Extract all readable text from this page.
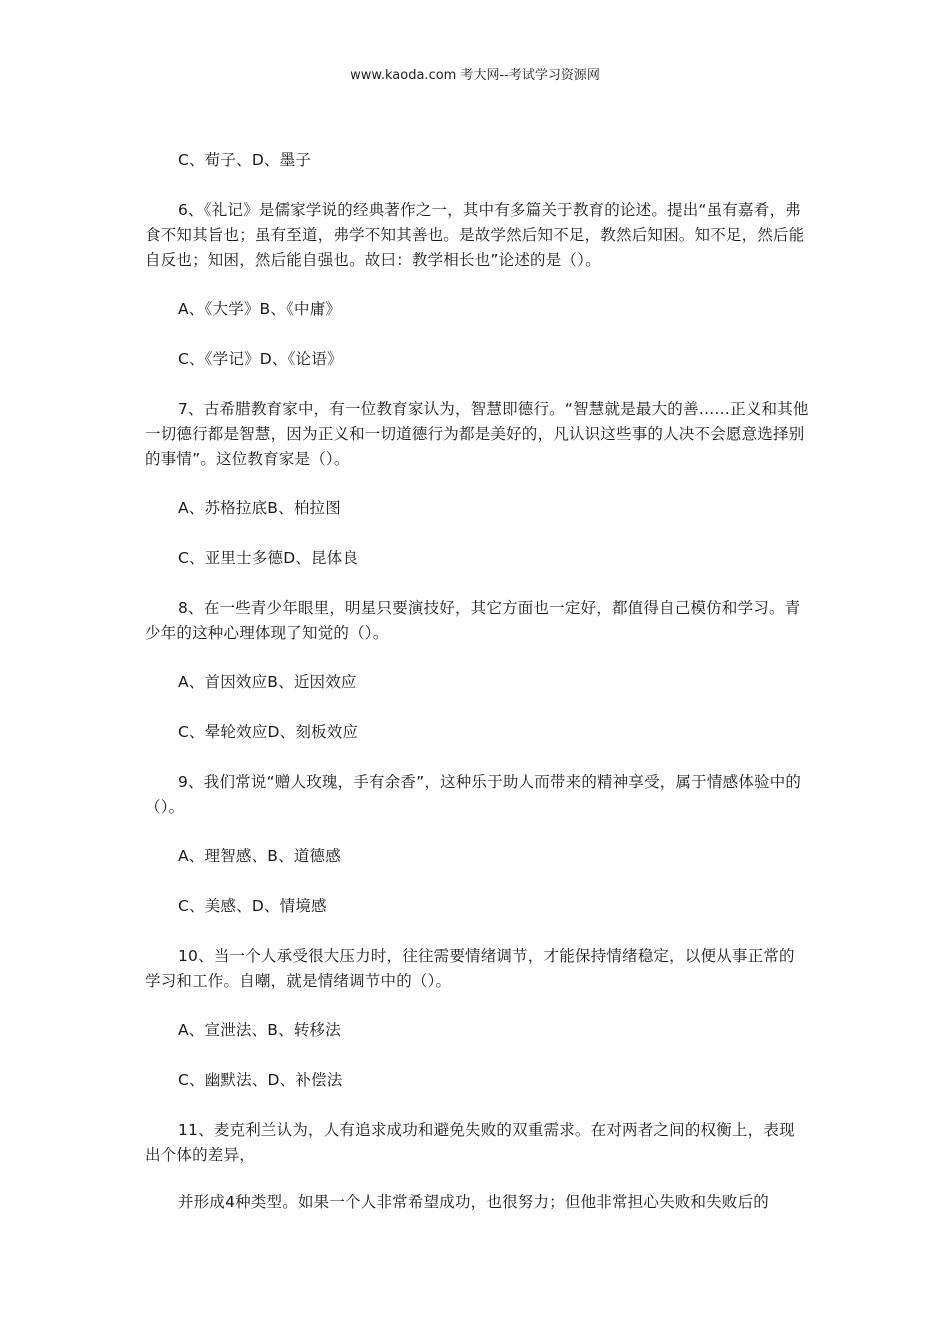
www.kaoda.com 考大网--考试学习资源网

C、荀子、D、墨子

6、《礼记》是儒家学说的经典著作之一，其中有多篇关于教育的论述。提出“虽有嘉肴，弗食不知其旨也；虽有至道，弗学不知其善也。是故学然后知不足，教然后知困。知不足，然后能自反也；知困，然后能自强也。故曰：教学相长也”论述的是（）。

A、《大学》B、《中庸》

C、《学记》D、《论语》

7、古希腊教育家中，有一位教育家认为，智慧即德行。“智慧就是最大的善……正义和其他一切德行都是智慧，因为正义和一切道德行为都是美好的，凡认识这些事的人决不会愿意选择别的事情”。这位教育家是（）。

A、苏格拉底B、柏拉图

C、亚里士多德D、昆体良

8、在一些青少年眼里，明星只要演技好，其它方面也一定好，都值得自己模仿和学习。青少年的这种心理体现了知觉的（）。

A、首因效应B、近因效应

C、晕轮效应D、刻板效应

9、我们常说“赠人玫瑰，手有余香”，这种乐于助人而带来的精神享受，属于情感体验中的（）。

A、理智感、B、道德感

C、美感、D、情境感

10、当一个人承受很大压力时，往往需要情绪调节，才能保持情绪稳定，以便从事正常的学习和工作。自嘲，就是情绪调节中的（）。

A、宣泄法、B、转移法

C、幽默法、D、补偿法

11、麦克利兰认为，人有追求成功和避免失败的双重需求。在对两者之间的权衡上，表现出个体的差异，

并形成4种类型。如果一个人非常希望成功，也很努力；但他非常担心失败和失败后的
